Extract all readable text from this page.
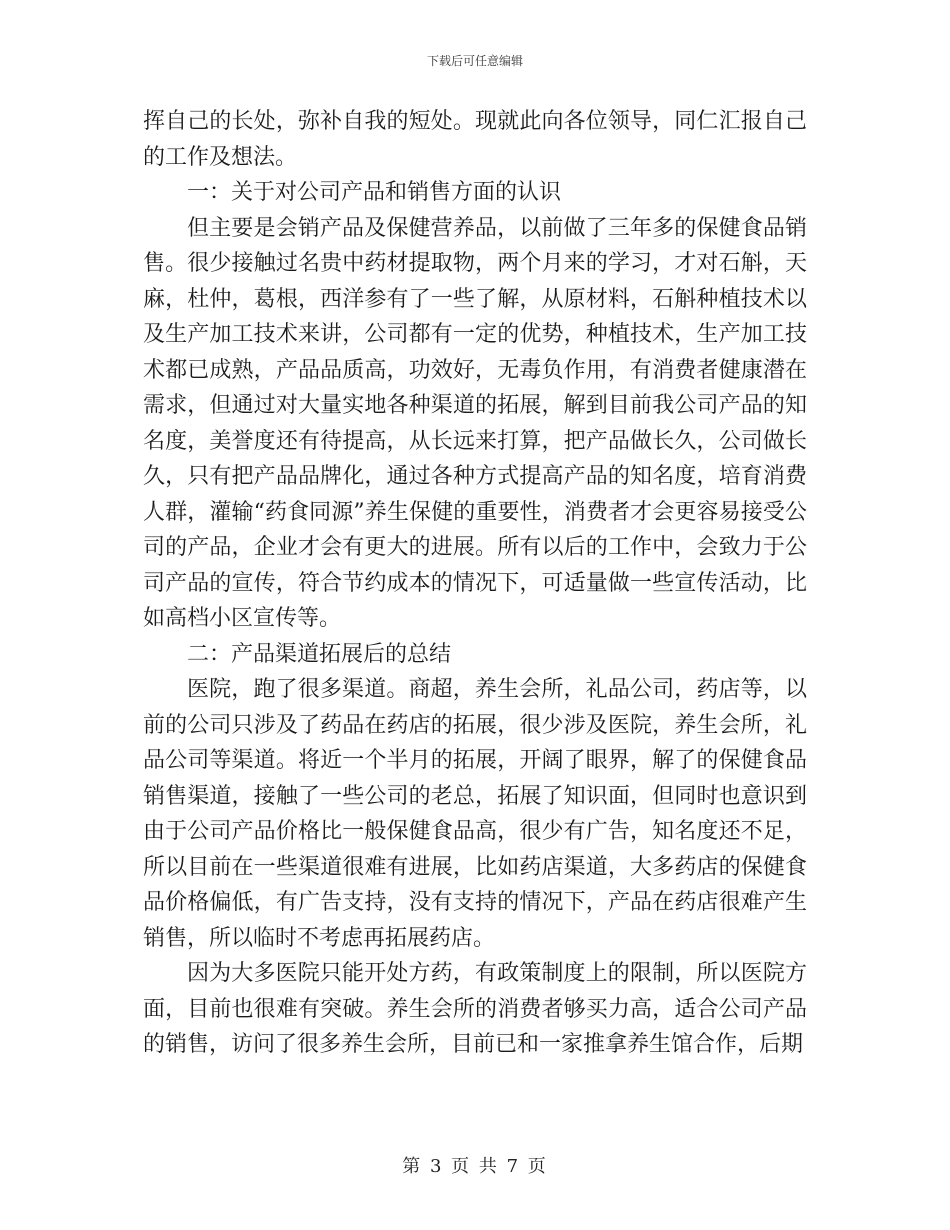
下载后可任意编辑

挥自己的长处，弥补自我的短处。现就此向各位领导，同仁汇报自己的工作及想法。

一：关于对公司产品和销售方面的认识

但主要是会销产品及保健营养品，以前做了三年多的保健食品销售。很少接触过名贵中药材提取物，两个月来的学习，才对石斛，天麻，杜仲，葛根，西洋参有了一些了解，从原材料，石斛种植技术以及生产加工技术来讲，公司都有一定的优势，种植技术，生产加工技术都已成熟，产品品质高，功效好，无毒负作用，有消费者健康潜在需求，但通过对大量实地各种渠道的拓展，解到目前我公司产品的知名度，美誉度还有待提高，从长远来打算，把产品做长久，公司做长久，只有把产品品牌化，通过各种方式提高产品的知名度，培育消费人群，灌输“药食同源”养生保健的重要性，消费者才会更容易接受公司的产品，企业才会有更大的进展。所有以后的工作中，会致力于公司产品的宣传，符合节约成本的情况下，可适量做一些宣传活动，比如高档小区宣传等。

二：产品渠道拓展后的总结

医院，跑了很多渠道。商超，养生会所，礼品公司，药店等，以前的公司只涉及了药品在药店的拓展，很少涉及医院，养生会所，礼品公司等渠道。将近一个半月的拓展，开阔了眼界，解了的保健食品销售渠道，接触了一些公司的老总，拓展了知识面，但同时也意识到由于公司产品价格比一般保健食品高，很少有广告，知名度还不足，所以目前在一些渠道很难有进展，比如药店渠道，大多药店的保健食品价格偏低，有广告支持，没有支持的情况下，产品在药店很难产生销售，所以临时不考虑再拓展药店。

因为大多医院只能开处方药，有政策制度上的限制，所以医院方面，目前也很难有突破。养生会所的消费者够买力高，适合公司产品的销售，访问了很多养生会所，目前已和一家推拿养生馆合作，后期

第 3 页 共 7 页
